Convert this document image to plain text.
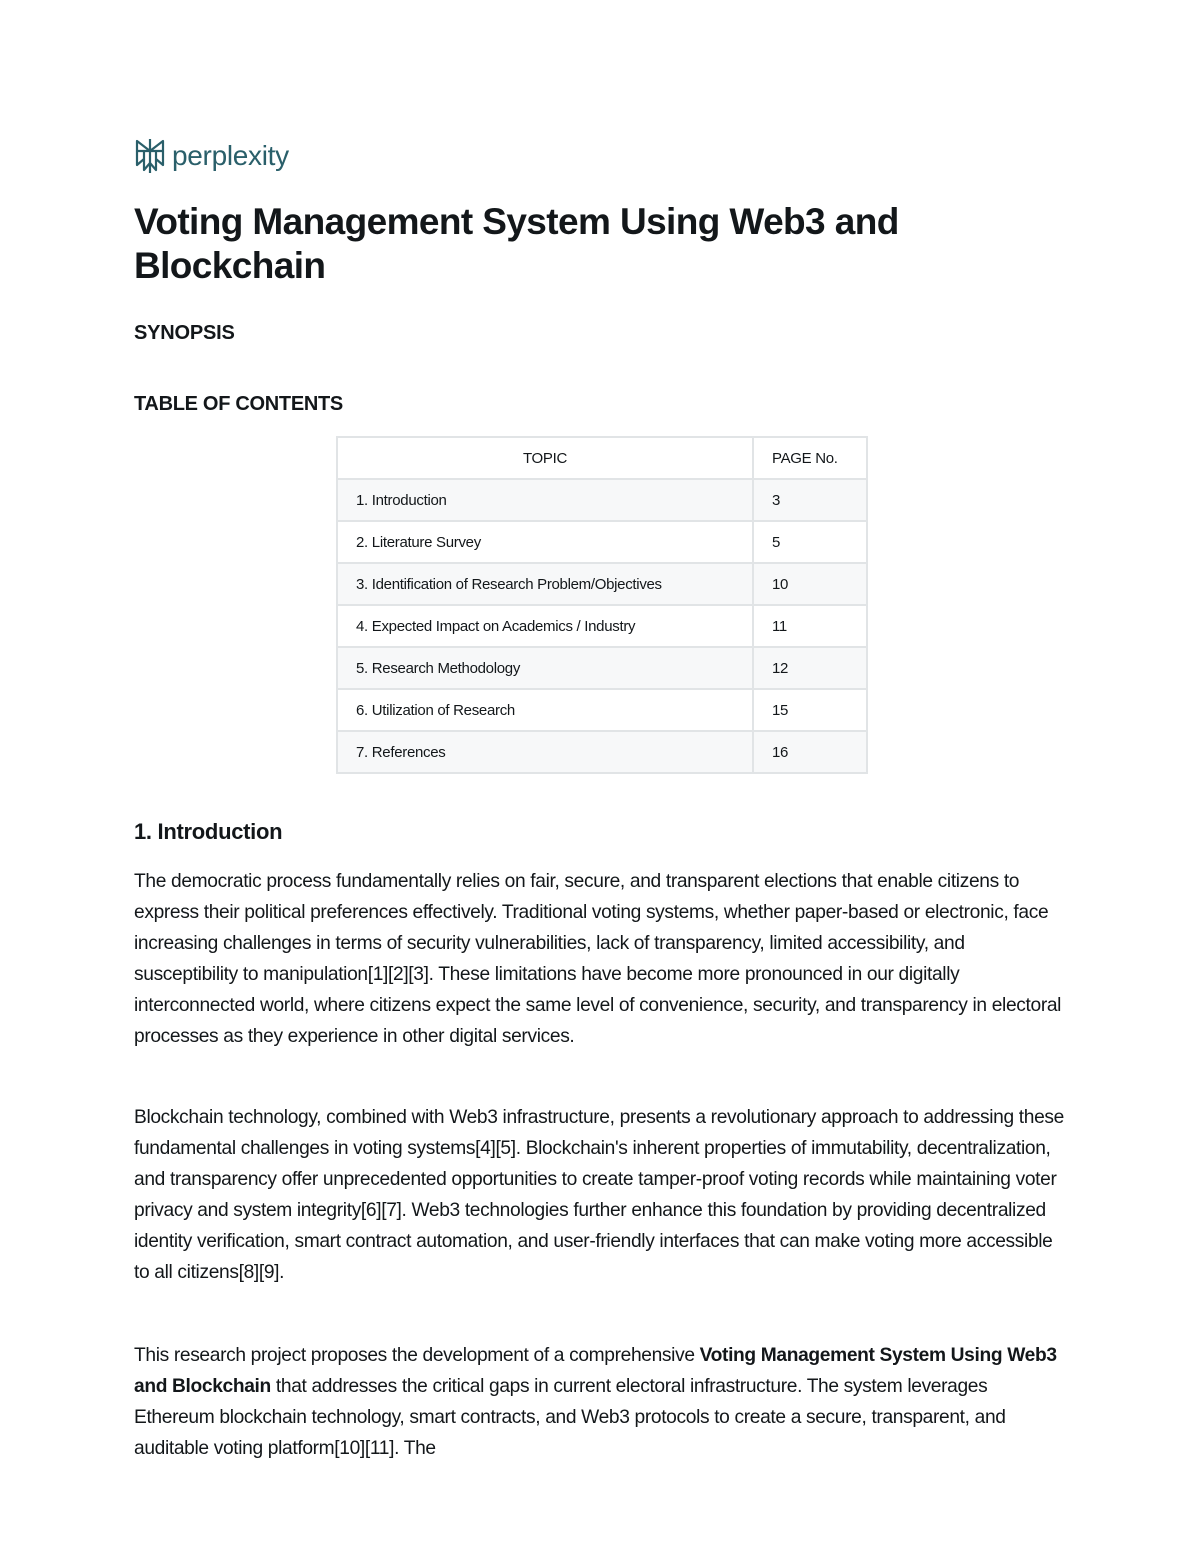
perplexity
Voting Management System Using Web3 and Blockchain
SYNOPSIS
TABLE OF CONTENTS
TOPIC	PAGE No.
1. Introduction	3
2. Literature Survey	5
3. Identification of Research Problem/Objectives	10
4. Expected Impact on Academics / Industry	11
5. Research Methodology	12
6. Utilization of Research	15
7. References	16
1. Introduction

The democratic process fundamentally relies on fair, secure, and transparent elections that enable citizens to express their political preferences effectively. Traditional voting systems, whether paper-based or electronic, face increasing challenges in terms of security vulnerabilities, lack of transparency, limited accessibility, and susceptibility to manipulation[1][2][3]. These limitations have become more pronounced in our digitally interconnected world, where citizens expect the same level of convenience, security, and transparency in electoral processes as they experience in other digital services.

Blockchain technology, combined with Web3 infrastructure, presents a revolutionary approach to addressing these fundamental challenges in voting systems[4][5]. Blockchain's inherent properties of immutability, decentralization, and transparency offer unprecedented opportunities to create tamper-proof voting records while maintaining voter privacy and system integrity[6][7]. Web3 technologies further enhance this foundation by providing decentralized identity verification, smart contract automation, and user-friendly interfaces that can make voting more accessible to all citizens[8][9].

This research project proposes the development of a comprehensive Voting Management System Using Web3 and Blockchain that addresses the critical gaps in current electoral infrastructure. The system leverages Ethereum blockchain technology, smart contracts, and Web3 protocols to create a secure, transparent, and auditable voting platform[10][11]. The
